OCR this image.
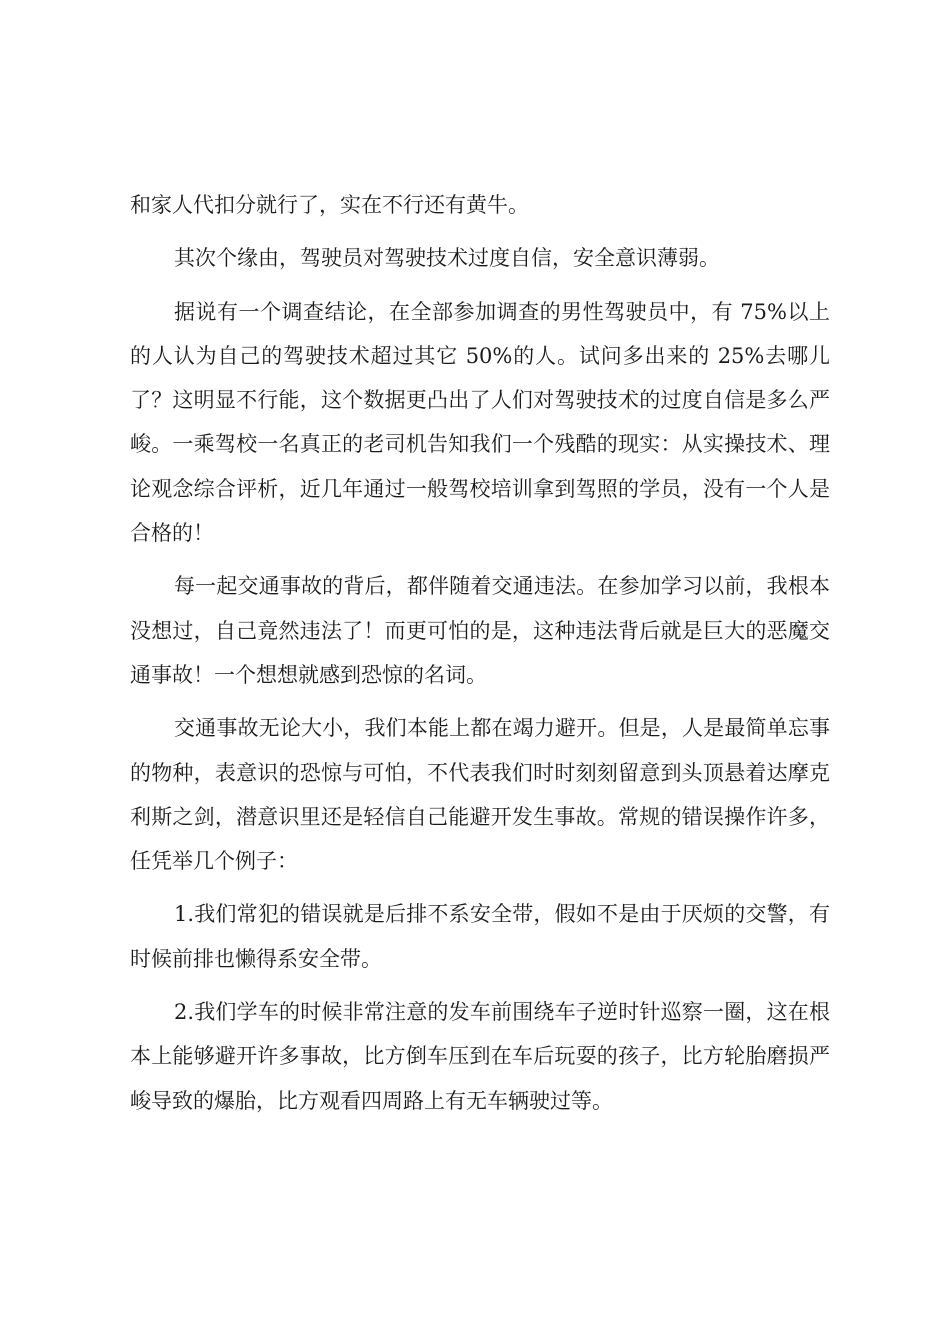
和家人代扣分就行了，实在不行还有黄牛。

其次个缘由，驾驶员对驾驶技术过度自信，安全意识薄弱。

据说有一个调查结论，在全部参加调查的男性驾驶员中，有 75%以上的人认为自己的驾驶技术超过其它 50%的人。试问多出来的 25%去哪儿了？这明显不行能，这个数据更凸出了人们对驾驶技术的过度自信是多么严峻。一乘驾校一名真正的老司机告知我们一个残酷的现实：从实操技术、理论观念综合评析，近几年通过一般驾校培训拿到驾照的学员，没有一个人是合格的！

每一起交通事故的背后，都伴随着交通违法。在参加学习以前，我根本没想过，自己竟然违法了！而更可怕的是，这种违法背后就是巨大的恶魔交通事故！一个想想就感到恐惊的名词。

交通事故无论大小，我们本能上都在竭力避开。但是，人是最简单忘事的物种，表意识的恐惊与可怕，不代表我们时时刻刻留意到头顶悬着达摩克利斯之剑，潜意识里还是轻信自己能避开发生事故。常规的错误操作许多，任凭举几个例子：

1.我们常犯的错误就是后排不系安全带，假如不是由于厌烦的交警，有时候前排也懒得系安全带。

2.我们学车的时候非常注意的发车前围绕车子逆时针巡察一圈，这在根本上能够避开许多事故，比方倒车压到在车后玩耍的孩子，比方轮胎磨损严峻导致的爆胎，比方观看四周路上有无车辆驶过等。
